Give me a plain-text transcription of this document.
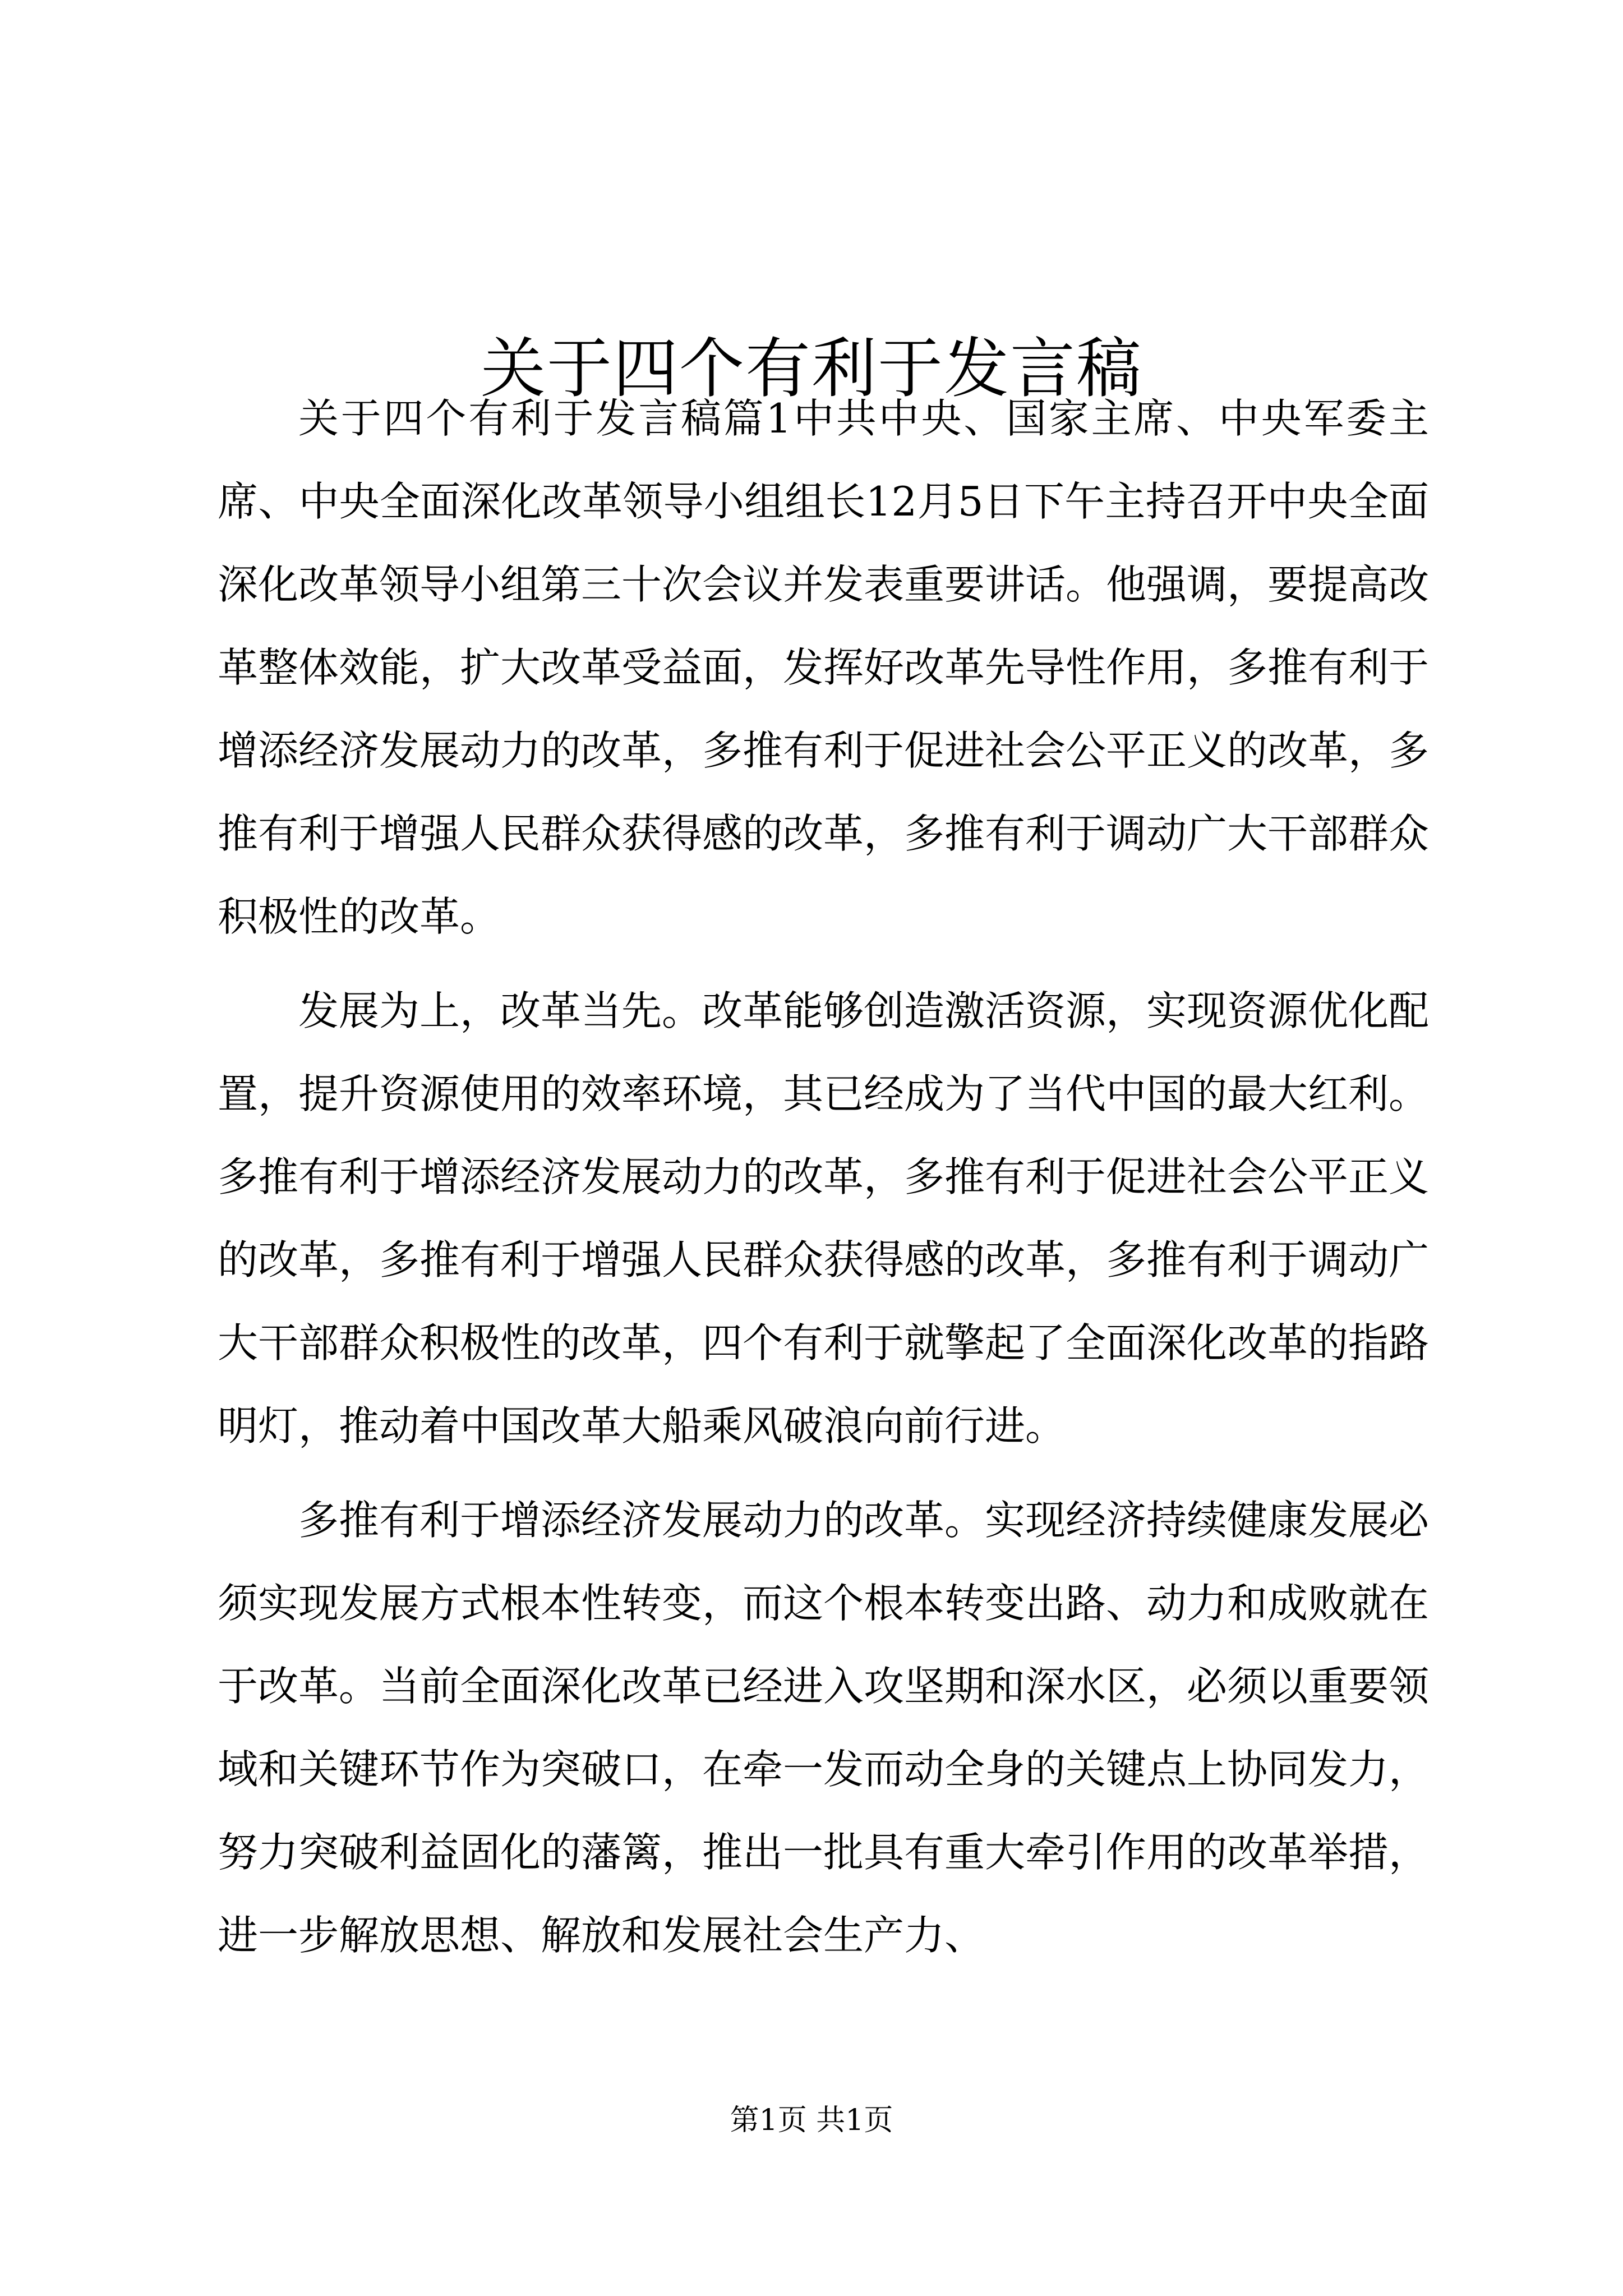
关于四个有利于发言稿

关于四个有利于发言稿篇1中共中央、国家主席、中央军委主席、中央全面深化改革领导小组组长12月5日下午主持召开中央全面深化改革领导小组第三十次会议并发表重要讲话。他强调，要提高改革整体效能，扩大改革受益面，发挥好改革先导性作用，多推有利于增添经济发展动力的改革，多推有利于促进社会公平正义的改革，多推有利于增强人民群众获得感的改革，多推有利于调动广大干部群众积极性的改革。

发展为上，改革当先。改革能够创造激活资源，实现资源优化配置，提升资源使用的效率环境，其已经成为了当代中国的最大红利。多推有利于增添经济发展动力的改革，多推有利于促进社会公平正义的改革，多推有利于增强人民群众获得感的改革，多推有利于调动广大干部群众积极性的改革，四个有利于就擎起了全面深化改革的指路明灯，推动着中国改革大船乘风破浪向前行进。

多推有利于增添经济发展动力的改革。实现经济持续健康发展必须实现发展方式根本性转变，而这个根本转变出路、动力和成败就在于改革。当前全面深化改革已经进入攻坚期和深水区，必须以重要领域和关键环节作为突破口，在牵一发而动全身的关键点上协同发力，努力突破利益固化的藩篱，推出一批具有重大牵引作用的改革举措，进一步解放思想、解放和发展社会生产力、

第1页 共1页
